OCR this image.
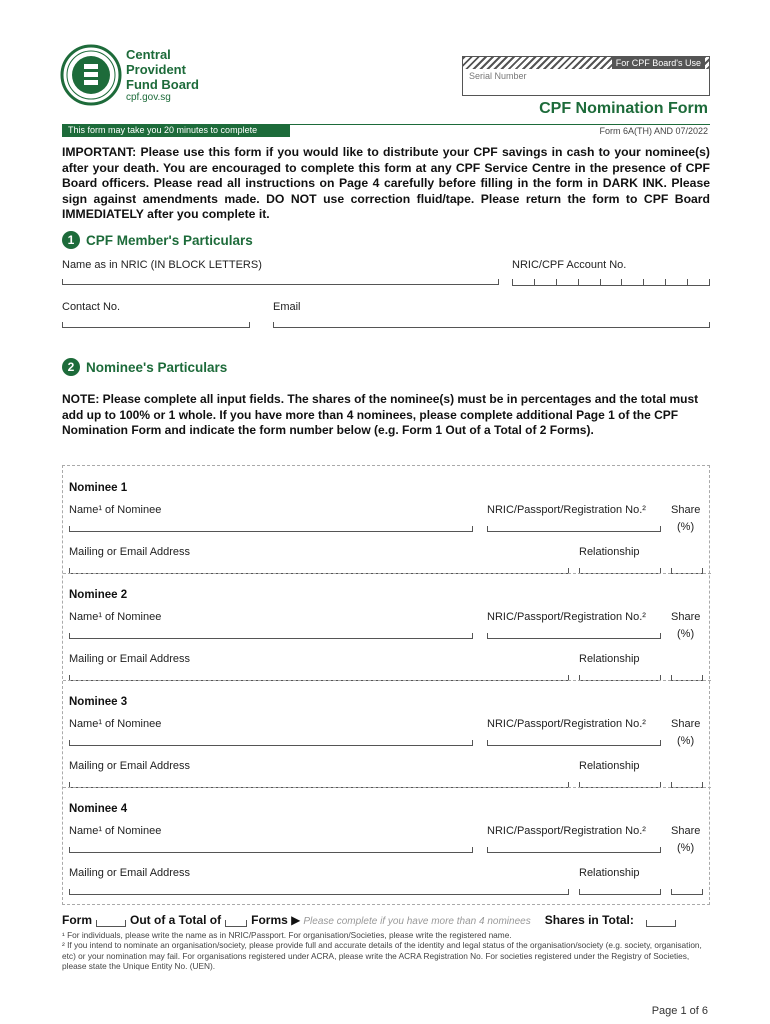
Central
Provident
Fund Board
cpf.gov.sg
For CPF Board's Use
Serial Number
CPF Nomination Form
This form may take you 20 minutes to complete	Form 6A(TH) AND 07/2022
IMPORTANT: Please use this form if you would like to distribute your CPF savings in cash to your nominee(s) after your death. You are encouraged to complete this form at any CPF Service Centre in the presence of CPF Board officers. Please read all instructions on Page 4 carefully before filling in the form in DARK INK. Please sign against amendments made. DO NOT use correction fluid/tape. Please return the form to CPF Board IMMEDIATELY after you complete it.
1 CPF Member's Particulars
Name as in NRIC (IN BLOCK LETTERS)	NRIC/CPF Account No.
Contact No.	Email
2 Nominee's Particulars
NOTE: Please complete all input fields. The shares of the nominee(s) must be in percentages and the total must add up to 100% or 1 whole. If you have more than 4 nominees, please complete additional Page 1 of the CPF Nomination Form and indicate the form number below (e.g. Form 1 Out of a Total of 2 Forms).
Nominee 1
Name¹ of Nominee	NRIC/Passport/Registration No.² Share
(%)
Mailing or Email Address	Relationship
Nominee 2
Name¹ of Nominee	NRIC/Passport/Registration No.² Share
(%)
Mailing or Email Address	Relationship
Nominee 3
Name¹ of Nominee	NRIC/Passport/Registration No.² Share
(%)
Mailing or Email Address	Relationship
Nominee 4
Name¹ of Nominee	NRIC/Passport/Registration No.² Share
(%)
Mailing or Email Address	Relationship
Form	Out of a Total of	Forms ▶ Please complete if you have more than 4 nominees Shares in Total:
¹ For individuals, please write the name as in NRIC/Passport. For organisation/Societies, please write the registered name.
² If you intend to nominate an organisation/society, please provide full and accurate details of the identity and legal status of the organisation/society (e.g. society, organisation, etc) or your nomination may fail. For organisations registered under ACRA, please write the ACRA Registration No. For societies registered under the Registry of Societies, please state the Unique Entity No. (UEN).
Page 1 of 6
